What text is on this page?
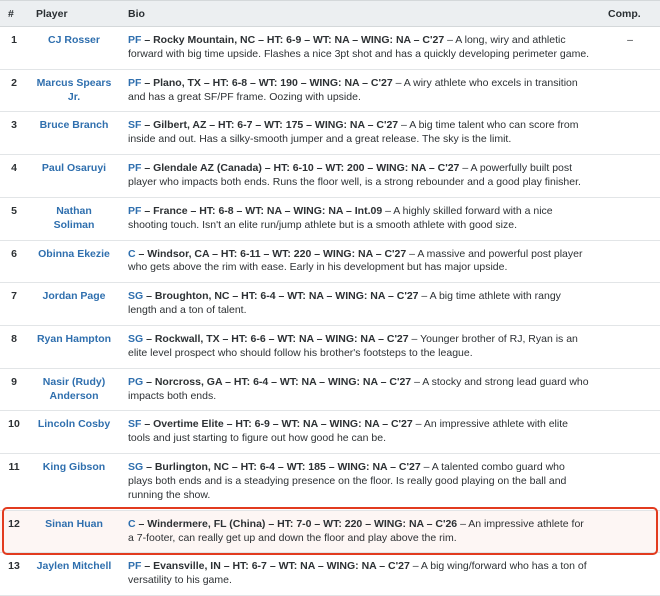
#	Player	Bio	Comp.
1	CJ Rosser	PF – Rocky Mountain, NC – HT: 6-9 – WT: NA – WING: NA – C'27 – A long, wiry and athletic forward with big time upside. Flashes a nice 3pt shot and has a quickly developing perimeter game.	–
2	Marcus Spears Jr.	PF – Plano, TX – HT: 6-8 – WT: 190 – WING: NA – C'27 – A wiry athlete who excels in transition and has a great SF/PF frame. Oozing with upside.	
3	Bruce Branch	SF – Gilbert, AZ – HT: 6-7 – WT: 175 – WING: NA – C'27 – A big time talent who can score from inside and out. Has a silky-smooth jumper and a great release. The sky is the limit.	
4	Paul Osaruyi	PF – Glendale AZ (Canada) – HT: 6-10 – WT: 200 – WING: NA – C'27 – A powerfully built post player who impacts both ends. Runs the floor well, is a strong rebounder and a good play finisher.	
5	Nathan Soliman	PF – France – HT: 6-8 – WT: NA – WING: NA – Int.09 – A highly skilled forward with a nice shooting touch. Isn't an elite run/jump athlete but is a smooth athlete with good size.	
6	Obinna Ekezie	C – Windsor, CA – HT: 6-11 – WT: 220 – WING: NA – C'27 – A massive and powerful post player who gets above the rim with ease. Early in his development but has major upside.	
7	Jordan Page	SG – Broughton, NC – HT: 6-4 – WT: NA – WING: NA – C'27 – A big time athlete with rangy length and a ton of talent.	
8	Ryan Hampton	SG – Rockwall, TX – HT: 6-6 – WT: NA – WING: NA – C'27 – Younger brother of RJ, Ryan is an elite level prospect who should follow his brother's footsteps to the league.	
9	Nasir (Rudy) Anderson	PG – Norcross, GA – HT: 6-4 – WT: NA – WING: NA – C'27 – A stocky and strong lead guard who impacts both ends.	
10	Lincoln Cosby	SF – Overtime Elite – HT: 6-9 – WT: NA – WING: NA – C'27 – An impressive athlete with elite tools and just starting to figure out how good he can be.	
11	King Gibson	SG – Burlington, NC – HT: 6-4 – WT: 185 – WING: NA – C'27 – A talented combo guard who plays both ends and is a steadying presence on the floor. Is really good playing on the ball and running the show.	
12	Sinan Huan	C – Windermere, FL (China) – HT: 7-0 – WT: 220 – WING: NA – C'26 – An impressive athlete for a 7-footer, can really get up and down the floor and play above the rim.	
13	Jaylen Mitchell	PF – Evansville, IN – HT: 6-7 – WT: NA – WING: NA – C'27 – A big wing/forward who has a ton of versatility to his game.	
